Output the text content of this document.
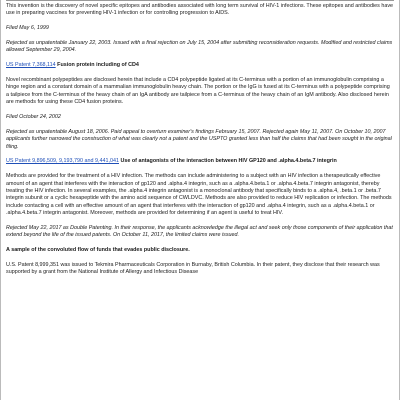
This invention is the discovery of novel specific epitopes and antibodies associated with long term survival of HIV-1 infections. These epitopes and antibodies have use in preparing vaccines for preventing HIV-1 infection or for controlling progression to AIDS.

Filed May 6, 1999

Rejected as unpatentable January 22, 2003. Issued with a final rejection on July 15, 2004 after submitting reconsideration requests. Modified and restricted claims allowed September 29, 2004.

US Patent 7,368,114 Fusion protein including of CD4

Novel recombinant polypeptides are disclosed herein that include a CD4 polypeptide ligated at its C-terminus with a portion of an immunoglobulin comprising a hinge region and a constant domain of a mammalian immunoglobulin heavy chain. The portion or the IgG is fused at its C-terminus with a polypeptide comprising a tailpiece from the C-terminus of the heavy chain of an IgA antibody are tailpiece from a C-terminus of the heavy chain of an IgM antibody. Also disclosed herein are methods for using these CD4 fusion proteins.

Filed October 24, 2002

Rejected as unpatentable August 18, 2006. Paid appeal to overturn examiner's findings February 15, 2007. Rejected again May 11, 2007. On October 10, 2007 applicants further narrowed the construction of what was clearly not a patent and the USPTO granted less than half the claims that had been sought in the original filing.

US Patent 9,896,509, 9,193,790 and 9,441,041 Use of antagonists of the interaction between HIV GP120 and .alpha.4.beta.7 integrin

Methods are provided for the treatment of a HIV infection. The methods can include administering to a subject with an HIV infection a therapeutically effective amount of an agent that interferes with the interaction of gp120 and .alpha.4 integrin, such as a .alpha.4.beta.1 or .alpha.4.beta.7 integrin antagonist, thereby treating the HIV infection. In several examples, the .alpha.4 integrin antagonist is a monoclonal antibody that specifically binds to a .alpha.4, .beta.1 or .beta.7 integrin subunit or a cyclic hexapeptide with the amino acid sequence of CWLDVC. Methods are also provided to reduce HIV replication or infection. The methods include contacting a cell with an effective amount of an agent that interferes with the interaction of gp120 and .alpha.4 integrin, such as a .alpha.4.beta.1 or .alpha.4.beta.7 integrin antagonist. Moreover, methods are provided for determining if an agent is useful to treat HIV.

Rejected May 22, 2017 as Double Patenting. In their response, the applicants acknowledge the illegal act and seek only those components of their application that extend beyond the life of the issued patents. On October 11, 2017, the limited claims were issued.

A sample of the convoluted flow of funds that evades public disclosure.

U.S. Patent 8,999,351 was issued to Tekmira Pharmaceuticals Corporation in Burnaby, British Columbia. In their patent, they disclose that their research was supported by a grant from the National Institute of Allergy and Infectious Disease
